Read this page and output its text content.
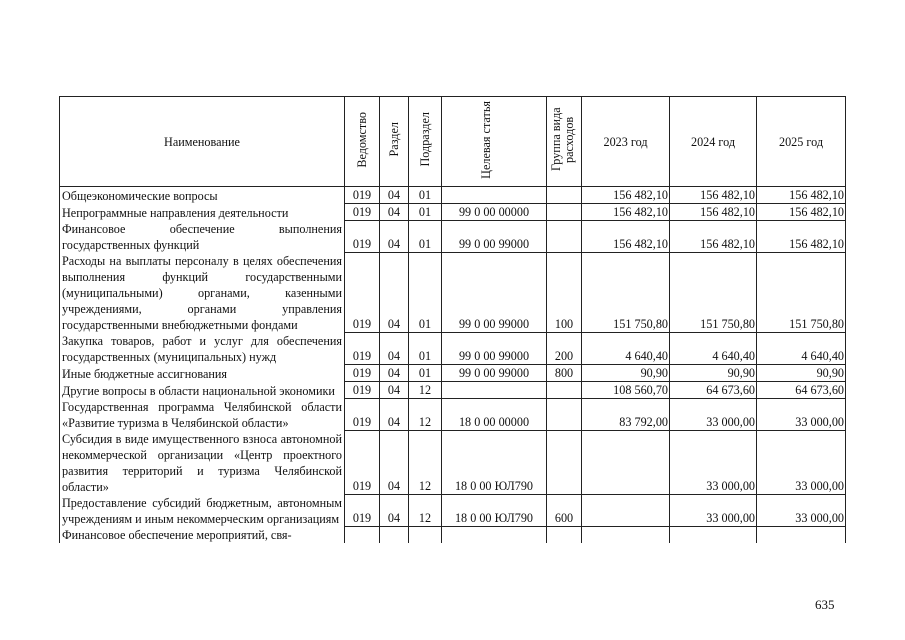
Наименование	Ведомство	Раздел	Подраздел	Целевая статья	Группа вида расходов	2023 год	2024 год	2025 год
Общеэкономические вопросы	019	04	01			156 482,10	156 482,10	156 482,10
Непрограммные направления деятельности	019	04	01	99 0 00 00000		156 482,10	156 482,10	156 482,10
Финансовое обеспечение выполнения государственных функций	019	04	01	99 0 00 99000		156 482,10	156 482,10	156 482,10
Расходы на выплаты персоналу в целях обеспечения выполнения функций государственными (муниципальными) органами, казенными учреждениями, органами управления государственными внебюджетными фондами	019	04	01	99 0 00 99000	100	151 750,80	151 750,80	151 750,80
Закупка товаров, работ и услуг для обеспечения государственных (муниципальных) нужд	019	04	01	99 0 00 99000	200	4 640,40	4 640,40	4 640,40
Иные бюджетные ассигнования	019	04	01	99 0 00 99000	800	90,90	90,90	90,90
Другие вопросы в области национальной экономики	019	04	12			108 560,70	64 673,60	64 673,60
Государственная программа Челябинской области «Развитие туризма в Челябинской области»	019	04	12	18 0 00 00000		83 792,00	33 000,00	33 000,00
Субсидия в виде имущественного взноса автономной некоммерческой организации «Центр проектного развития территорий и туризма Челябинской области»	019	04	12	18 0 00 ЮЛ790			33 000,00	33 000,00
Предоставление субсидий бюджетным, автономным учреждениям и иным некоммерческим организациям	019	04	12	18 0 00 ЮЛ790	600		33 000,00	33 000,00
Финансовое обеспечение мероприятий, свя-								
635
